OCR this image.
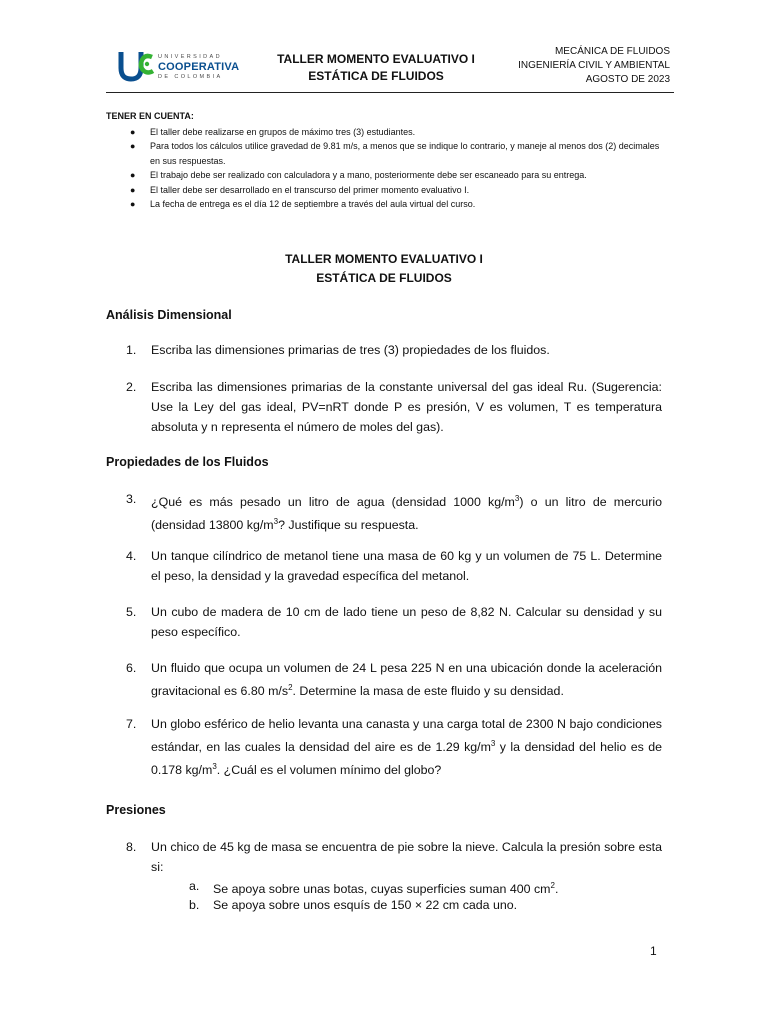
UNIVERSIDAD
COOPERATIVA
DE COLOMBIA
TALLER MOMENTO EVALUATIVO I
ESTÁTICA DE FLUIDOS
MECÁNICA DE FLUIDOS
INGENIERÍA CIVIL Y AMBIENTAL
AGOSTO DE 2023
TENER EN CUENTA:
● El taller debe realizarse en grupos de máximo tres (3) estudiantes.
● Para todos los cálculos utilice gravedad de 9.81 m/s, a menos que se indique lo contrario, y maneje al menos dos (2) decimales en sus respuestas.
● El trabajo debe ser realizado con calculadora y a mano, posteriormente debe ser escaneado para su entrega.
● El taller debe ser desarrollado en el transcurso del primer momento evaluativo I.
● La fecha de entrega es el día 12 de septiembre a través del aula virtual del curso.
TALLER MOMENTO EVALUATIVO I
ESTÁTICA DE FLUIDOS
Análisis Dimensional
1. Escriba las dimensiones primarias de tres (3) propiedades de los fluidos.
2. Escriba las dimensiones primarias de la constante universal del gas ideal Ru. (Sugerencia: Use la Ley del gas ideal, PV=nRT donde P es presión, V es volumen, T es temperatura absoluta y n representa el número de moles del gas).
Propiedades de los Fluidos
3. ¿Qué es más pesado un litro de agua (densidad 1000 $kg/m^3$) o un litro de mercurio (densidad 13800 $kg/m^3$? Justifique su respuesta.
4. Un tanque cilíndrico de metanol tiene una masa de 60 kg y un volumen de 75 L. Determine el peso, la densidad y la gravedad específica del metanol.
5. Un cubo de madera de 10 cm de lado tiene un peso de 8,82 N. Calcular su densidad y su peso específico.
6. Un fluido que ocupa un volumen de 24 L pesa 225 N en una ubicación donde la aceleración gravitacional es 6.80 $m/s^2$. Determine la masa de este fluido y su densidad.
7. Un globo esférico de helio levanta una canasta y una carga total de 2300 N bajo condiciones estándar, en las cuales la densidad del aire es de 1.29 $kg/m^3$ y la densidad del helio es de 0.178 $kg/m^3$. ¿Cuál es el volumen mínimo del globo?
Presiones
8. Un chico de 45 kg de masa se encuentra de pie sobre la nieve. Calcula la presión sobre esta si:
a. Se apoya sobre unas botas, cuyas superficies suman 400 $cm^2$.
b. Se apoya sobre unos esquís de 150 × 22 cm cada uno.
1
